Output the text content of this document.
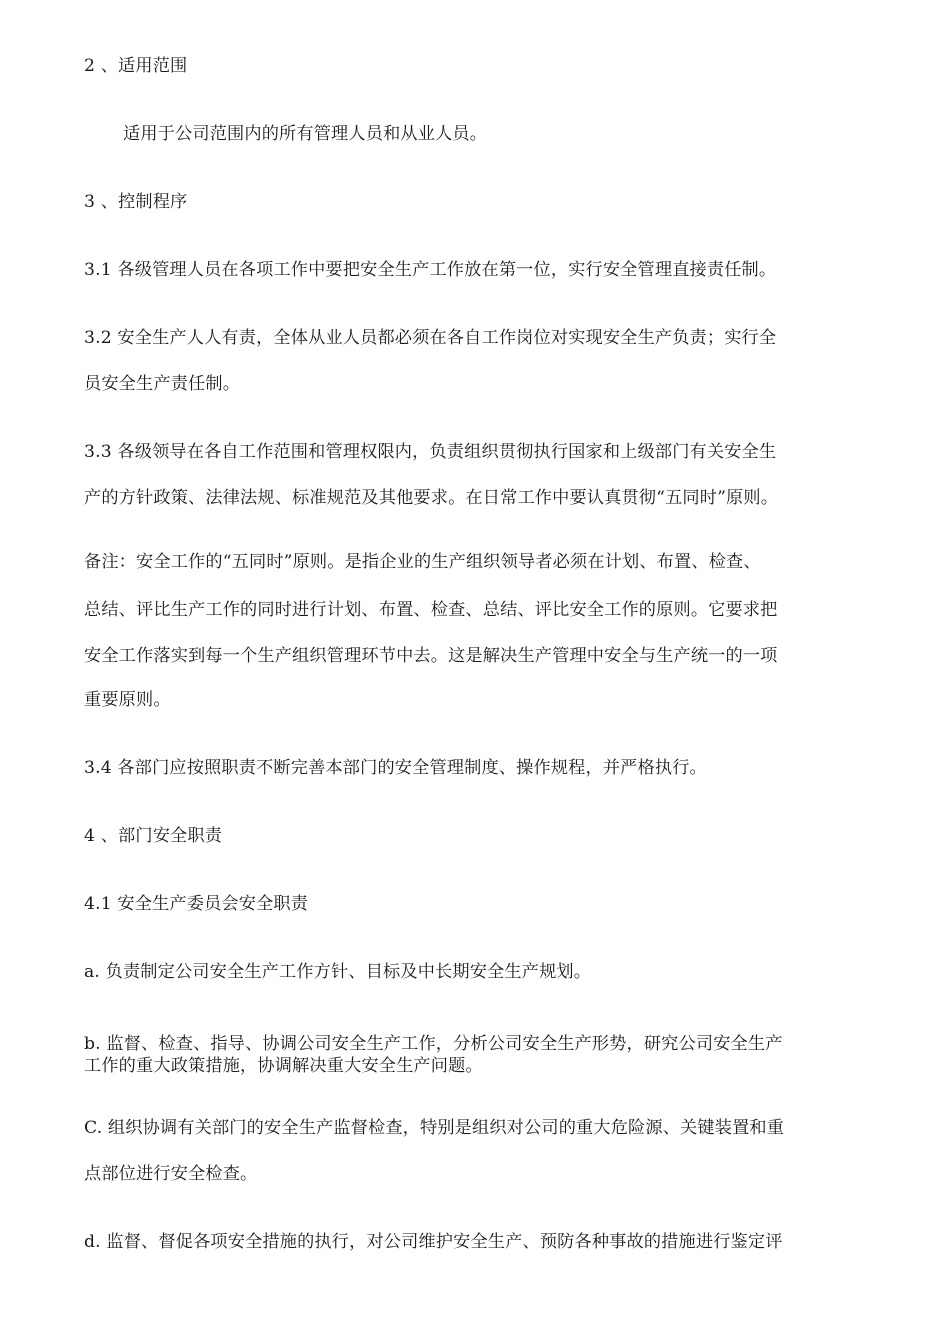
2 、适用范围
适用于公司范围内的所有管理人员和从业人员。
3 、控制程序
3.1 各级管理人员在各项工作中要把安全生产工作放在第一位，实行安全管理直接责任制。
3.2 安全生产人人有责，全体从业人员都必须在各自工作岗位对实现安全生产负责；实行全
员安全生产责任制。
3.3 各级领导在各自工作范围和管理权限内，负责组织贯彻执行国家和上级部门有关安全生
产的方针政策、法律法规、标准规范及其他要求。在日常工作中要认真贯彻“五同时”原则。
备注：安全工作的“五同时”原则。是指企业的生产组织领导者必须在计划、布置、检查、
总结、评比生产工作的同时进行计划、布置、检查、总结、评比安全工作的原则。它要求把
安全工作落实到每一个生产组织管理环节中去。这是解决生产管理中安全与生产统一的一项
重要原则。
3.4 各部门应按照职责不断完善本部门的安全管理制度、操作规程，并严格执行。
4 、部门安全职责
4.1 安全生产委员会安全职责
a. 负责制定公司安全生产工作方针、目标及中长期安全生产规划。
b. 监督、检查、指导、协调公司安全生产工作，分析公司安全生产形势，研究公司安全生产
工作的重大政策措施，协调解决重大安全生产问题。
C. 组织协调有关部门的安全生产监督检查，特别是组织对公司的重大危险源、关键装置和重
点部位进行安全检查。
d. 监督、督促各项安全措施的执行，对公司维护安全生产、预防各种事故的措施进行鉴定评
